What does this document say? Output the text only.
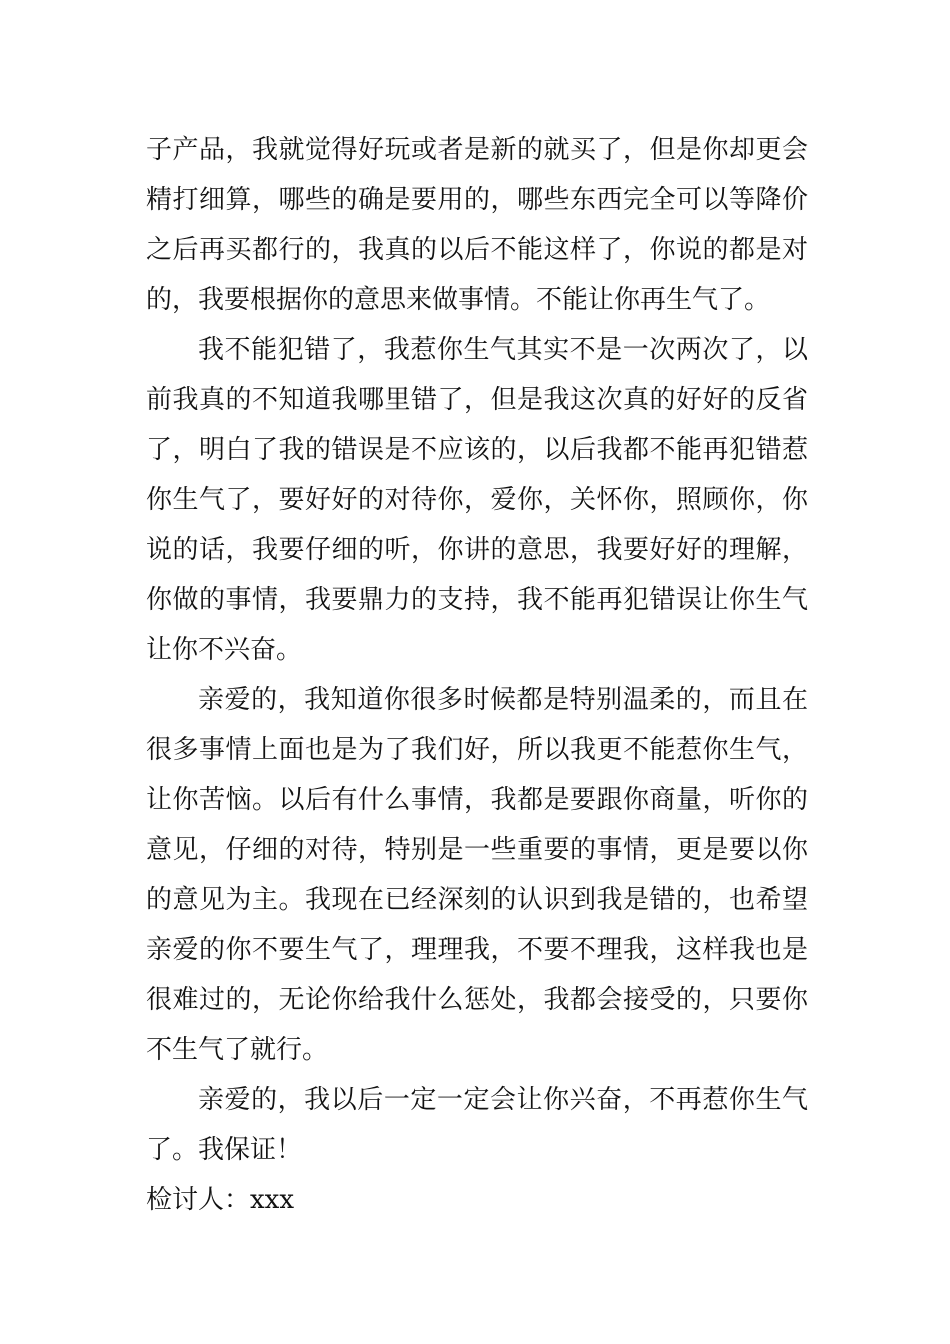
子产品，我就觉得好玩或者是新的就买了，但是你却更会精打细算，哪些的确是要用的，哪些东西完全可以等降价之后再买都行的，我真的以后不能这样了，你说的都是对的，我要根据你的意思来做事情。不能让你再生气了。

我不能犯错了，我惹你生气其实不是一次两次了，以前我真的不知道我哪里错了，但是我这次真的好好的反省了，明白了我的错误是不应该的，以后我都不能再犯错惹你生气了，要好好的对待你，爱你，关怀你，照顾你，你说的话，我要仔细的听，你讲的意思，我要好好的理解，你做的事情，我要鼎力的支持，我不能再犯错误让你生气让你不兴奋。

亲爱的，我知道你很多时候都是特别温柔的，而且在很多事情上面也是为了我们好，所以我更不能惹你生气，让你苦恼。以后有什么事情，我都是要跟你商量，听你的意见，仔细的对待，特别是一些重要的事情，更是要以你的意见为主。我现在已经深刻的认识到我是错的，也希望亲爱的你不要生气了，理理我，不要不理我，这样我也是很难过的，无论你给我什么惩处，我都会接受的，只要你不生气了就行。

亲爱的，我以后一定一定会让你兴奋，不再惹你生气了。我保证！

检讨人：xxx
